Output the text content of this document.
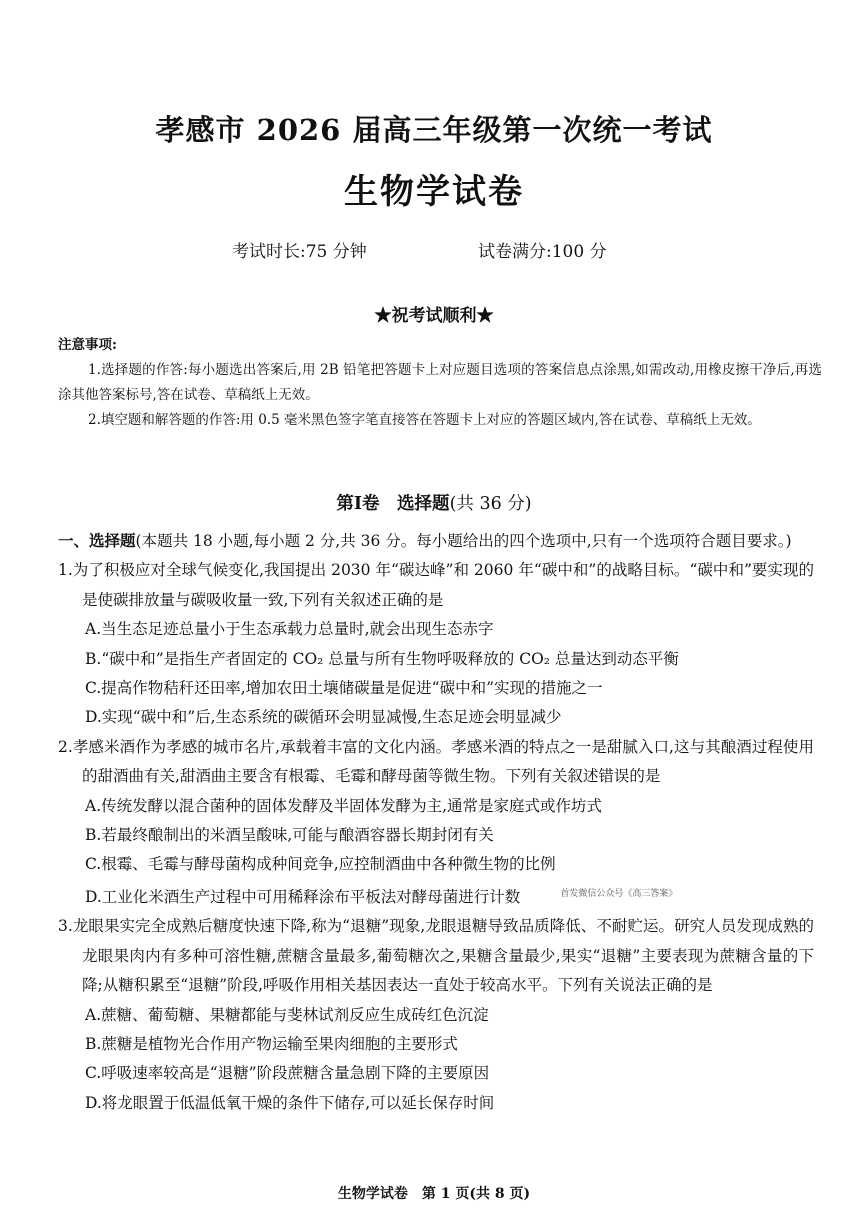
孝感市 2026 届高三年级第一次统一考试
生物学试卷
考试时长:75 分钟	试卷满分:100 分
★祝考试顺利★
注意事项:
1.选择题的作答:每小题选出答案后,用 2B 铅笔把答题卡上对应题目选项的答案信息点涂黑,如需改动,用橡皮擦干净后,再选涂其他答案标号,答在试卷、草稿纸上无效。
2.填空题和解答题的作答:用 0.5 毫米黑色签字笔直接答在答题卡上对应的答题区域内,答在试卷、草稿纸上无效。
第Ⅰ卷　选择题(共 36 分)
一、选择题(本题共 18 小题,每小题 2 分,共 36 分。每小题给出的四个选项中,只有一个选项符合题目要求。)
1.为了积极应对全球气候变化,我国提出 2030 年“碳达峰”和 2060 年“碳中和”的战略目标。“碳中和”要实现的是使碳排放量与碳吸收量一致,下列有关叙述正确的是
A.当生态足迹总量小于生态承载力总量时,就会出现生态赤字
B.“碳中和”是指生产者固定的 CO₂ 总量与所有生物呼吸释放的 CO₂ 总量达到动态平衡
C.提高作物秸秆还田率,增加农田土壤储碳量是促进“碳中和”实现的措施之一
D.实现“碳中和”后,生态系统的碳循环会明显减慢,生态足迹会明显减少
2.孝感米酒作为孝感的城市名片,承载着丰富的文化内涵。孝感米酒的特点之一是甜腻入口,这与其酿酒过程使用的甜酒曲有关,甜酒曲主要含有根霉、毛霉和酵母菌等微生物。下列有关叙述错误的是
A.传统发酵以混合菌种的固体发酵及半固体发酵为主,通常是家庭式或作坊式
B.若最终酿制出的米酒呈酸味,可能与酿酒容器长期封闭有关
C.根霉、毛霉与酵母菌构成种间竞争,应控制酒曲中各种微生物的比例
D.工业化米酒生产过程中可用稀释涂布平板法对酵母菌进行计数	$^{首发微信公众号《高三答案》}$
3.龙眼果实完全成熟后糖度快速下降,称为“退糖”现象,龙眼退糖导致品质降低、不耐贮运。研究人员发现成熟的龙眼果肉内有多种可溶性糖,蔗糖含量最多,葡萄糖次之,果糖含量最少,果实“退糖”主要表现为蔗糖含量的下降;从糖积累至“退糖”阶段,呼吸作用相关基因表达一直处于较高水平。下列有关说法正确的是
A.蔗糖、葡萄糖、果糖都能与斐林试剂反应生成砖红色沉淀
B.蔗糖是植物光合作用产物运输至果肉细胞的主要形式
C.呼吸速率较高是“退糖”阶段蔗糖含量急剧下降的主要原因
D.将龙眼置于低温低氧干燥的条件下储存,可以延长保存时间
生物学试卷　第 1 页(共 8 页)
